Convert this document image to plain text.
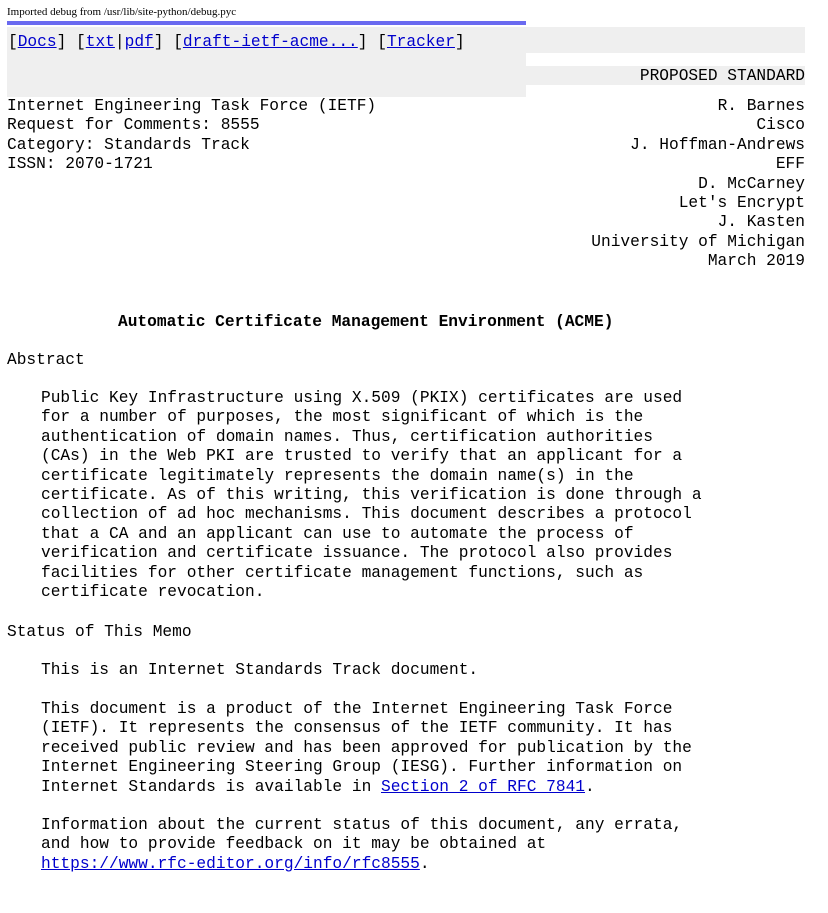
Imported debug from /usr/lib/site-python/debug.pyc
[Docs] [txt|pdf] [draft-ietf-acme...] [Tracker]
PROPOSED STANDARD
Internet Engineering Task Force (IETF)
Request for Comments: 8555
Category: Standards Track
ISSN: 2070-1721
R. Barnes
Cisco
J. Hoffman-Andrews
EFF
D. McCarney
Let's Encrypt
J. Kasten
University of Michigan
March 2019
Automatic Certificate Management Environment (ACME)
Abstract
Public Key Infrastructure using X.509 (PKIX) certificates are used
for a number of purposes, the most significant of which is the
authentication of domain names. Thus, certification authorities
(CAs) in the Web PKI are trusted to verify that an applicant for a
certificate legitimately represents the domain name(s) in the
certificate. As of this writing, this verification is done through a
collection of ad hoc mechanisms. This document describes a protocol
that a CA and an applicant can use to automate the process of
verification and certificate issuance. The protocol also provides
facilities for other certificate management functions, such as
certificate revocation.
Status of This Memo
This is an Internet Standards Track document.
This document is a product of the Internet Engineering Task Force
(IETF). It represents the consensus of the IETF community. It has
received public review and has been approved for publication by the
Internet Engineering Steering Group (IESG). Further information on
Internet Standards is available in Section 2 of RFC 7841.
Information about the current status of this document, any errata,
and how to provide feedback on it may be obtained at
https://www.rfc-editor.org/info/rfc8555.
